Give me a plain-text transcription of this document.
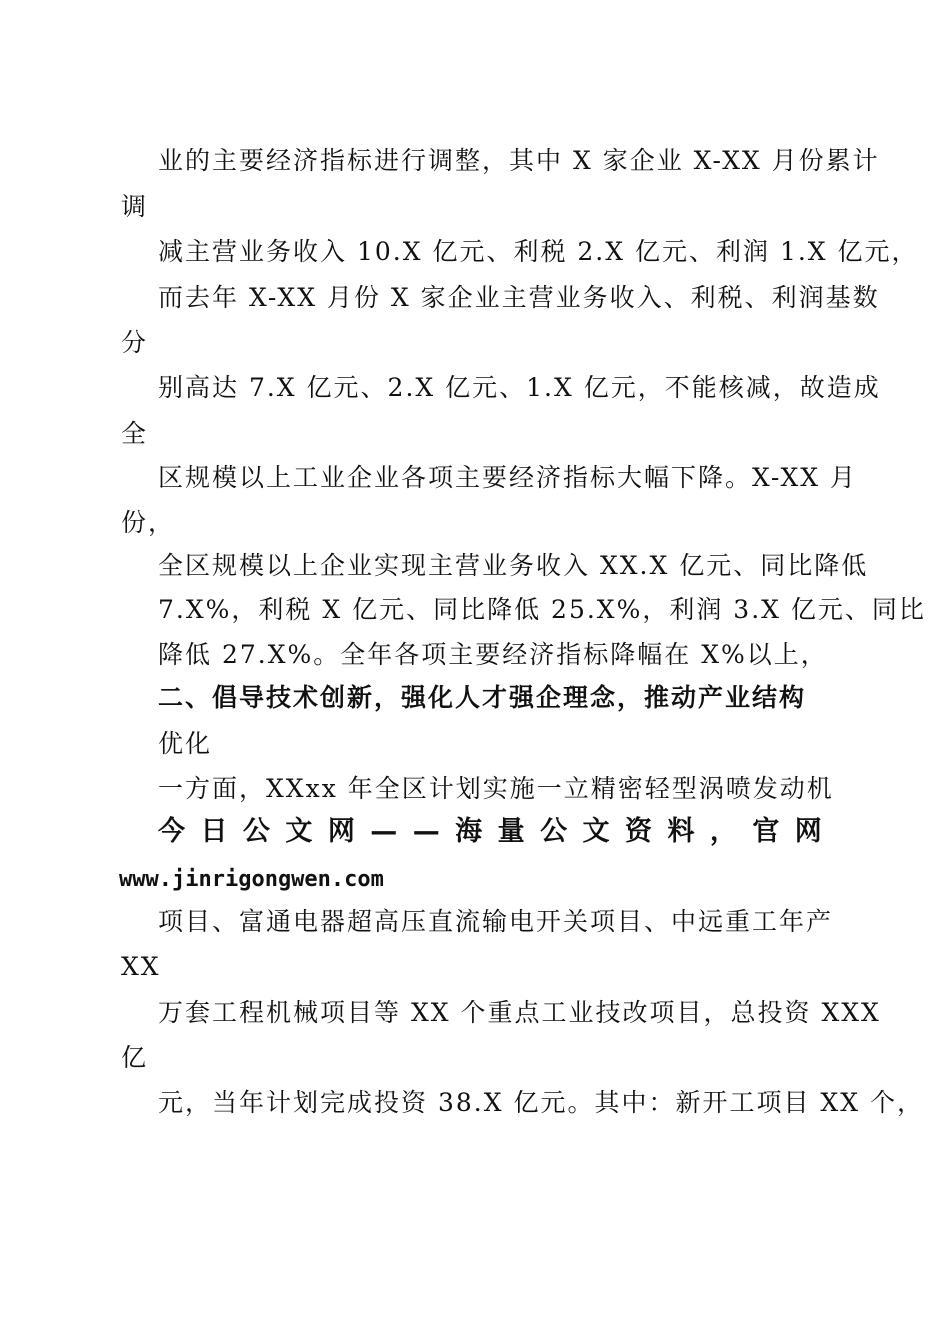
业的主要经济指标进行调整，其中 X 家企业 X-XX 月份累计

调

减主营业务收入 10.X 亿元、利税 2.X 亿元、利润 1.X 亿元，

而去年 X-XX 月份 X 家企业主营业务收入、利税、利润基数

分

别高达 7.X 亿元、2.X 亿元、1.X 亿元，不能核减，故造成

全

区规模以上工业企业各项主要经济指标大幅下降。X-XX 月

份，

全区规模以上企业实现主营业务收入 XX.X 亿元、同比降低

7.X%，利税 X 亿元、同比降低 25.X%，利润 3.X 亿元、同比

降低 27.X%。全年各项主要经济指标降幅在 X%以上，

二、倡导技术创新，强化人才强企理念，推动产业结构

优化

一方面，XXxx 年全区计划实施一立精密轻型涡喷发动机

今 日 公 文 网 — — 海 量 公 文 资 料 ， 官 网

www.jinrigongwen.com

项目、富通电器超高压直流输电开关项目、中远重工年产

XX

万套工程机械项目等 XX 个重点工业技改项目，总投资 XXX

亿

元，当年计划完成投资 38.X 亿元。其中：新开工项目 XX 个，
